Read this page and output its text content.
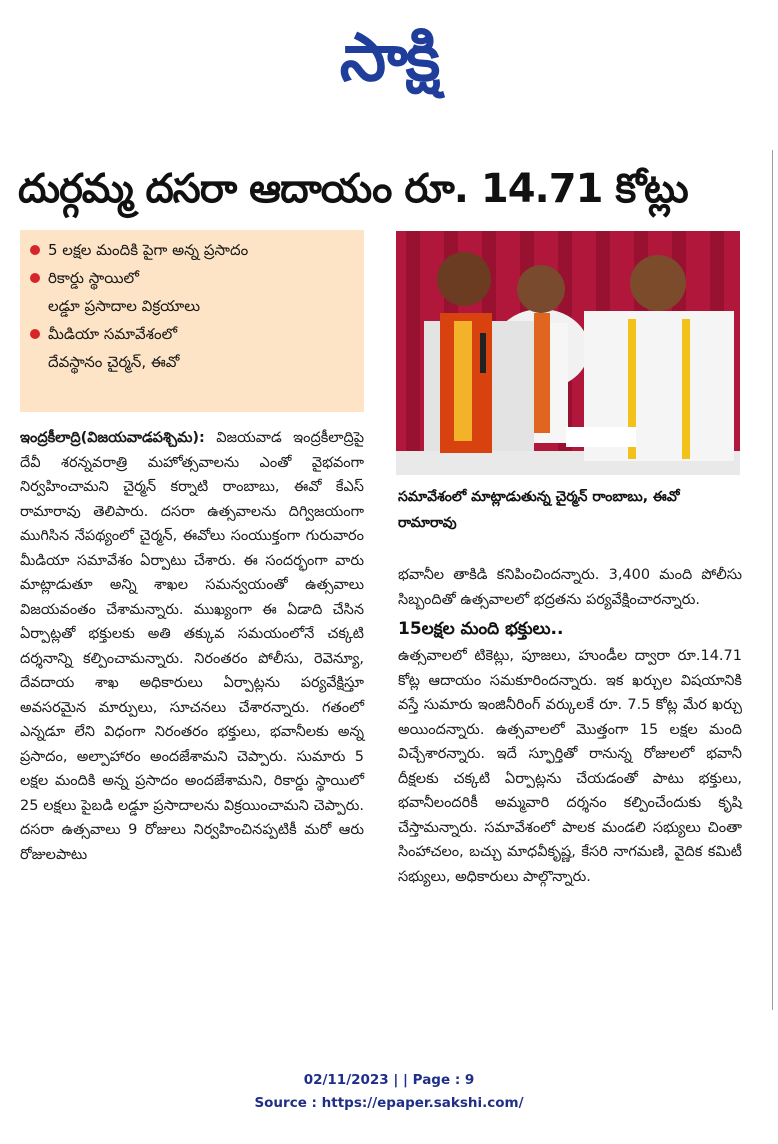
సాక్షి
దుర్గమ్మ దసరా ఆదాయం రూ. 14.71 కోట్లు
5 లక్షల మందికి పైగా అన్న ప్రసాదం
రికార్డు స్థాయిలో
లడ్డూ ప్రసాదాల విక్రయాలు
మీడియా సమావేశంలో
దేవస్థానం చైర్మన్, ఈవో
సమావేశంలో మాట్లాడుతున్న చైర్మన్ రాంబాబు, ఈవో రామారావు

ఇంద్రకీలాద్రి(విజయవాడపశ్చిమ): విజయవాడ ఇంద్రకీలాద్రిపై దేవీ శరన్నవరాత్రి మహోత్సవాలను ఎంతో వైభవంగా నిర్వహించామని చైర్మన్ కర్నాటి రాంబాబు, ఈవో కేఎస్ రామారావు తెలిపారు. దసరా ఉత్సవాలను దిగ్విజయంగా ముగిసిన నేపథ్యంలో చైర్మన్, ఈవోలు సంయుక్తంగా గురువారం మీడియా సమావేశం ఏర్పాటు చేశారు. ఈ సందర్భంగా వారు మాట్లాడుతూ అన్ని శాఖల సమన్వయంతో ఉత్సవాలు విజయవంతం చేశామన్నారు. ముఖ్యంగా ఈ ఏడాది చేసిన ఏర్పాట్లతో భక్తులకు అతి తక్కువ సమయంలోనే చక్కటి దర్శనాన్ని కల్పించామన్నారు. నిరంతరం పోలీసు, రెవెన్యూ, దేవదాయ శాఖ అధికారులు ఏర్పాట్లను పర్యవేక్షిస్తూ అవసరమైన మార్పులు, సూచనలు చేశారన్నారు. గతంలో ఎన్నడూ లేని విధంగా నిరంతరం భక్తులు, భవానీలకు అన్న ప్రసాదం, అల్పాహారం అందజేశామని చెప్పారు. సుమారు 5 లక్షల మందికి అన్న ప్రసాదం అందజేశామని, రికార్డు స్థాయిలో 25 లక్షలు పైబడి లడ్డూ ప్రసాదాలను విక్రయించామని చెప్పారు. దసరా ఉత్సవాలు 9 రోజులు నిర్వహించినప్పటికీ మరో ఆరు రోజులపాటు

భవానీల తాకిడి కనిపించిందన్నారు. 3,400 మంది పోలీసు సిబ్బందితో ఉత్సవాలలో భద్రతను పర్యవేక్షించారన్నారు.

15లక్షల మంది భక్తులు..

ఉత్సవాలలో టికెట్లు, పూజలు, హుండీల ద్వారా రూ.14.71 కోట్ల ఆదాయం సమకూరిందన్నారు. ఇక ఖర్చుల విషయానికి వస్తే సుమారు ఇంజినీరింగ్ వర్కులకే రూ. 7.5 కోట్ల మేర ఖర్చు అయిందన్నారు. ఉత్సవాలలో మొత్తంగా 15 లక్షల మంది విచ్చేశారన్నారు. ఇదే స్ఫూర్తితో రానున్న రోజులలో భవానీ దీక్షలకు చక్కటి ఏర్పాట్లను చేయడంతో పాటు భక్తులు, భవానీలందరికీ అమ్మవారి దర్శనం కల్పించేందుకు కృషి చేస్తామన్నారు. సమావేశంలో పాలక మండలి సభ్యులు చింతా సింహాచలం, బచ్చు మాధవీకృష్ణ, కేసరి నాగమణి, వైదిక కమిటీ సభ్యులు, అధికారులు పాల్గొన్నారు.

02/11/2023 | | Page : 9
Source : https://epaper.sakshi.com/
